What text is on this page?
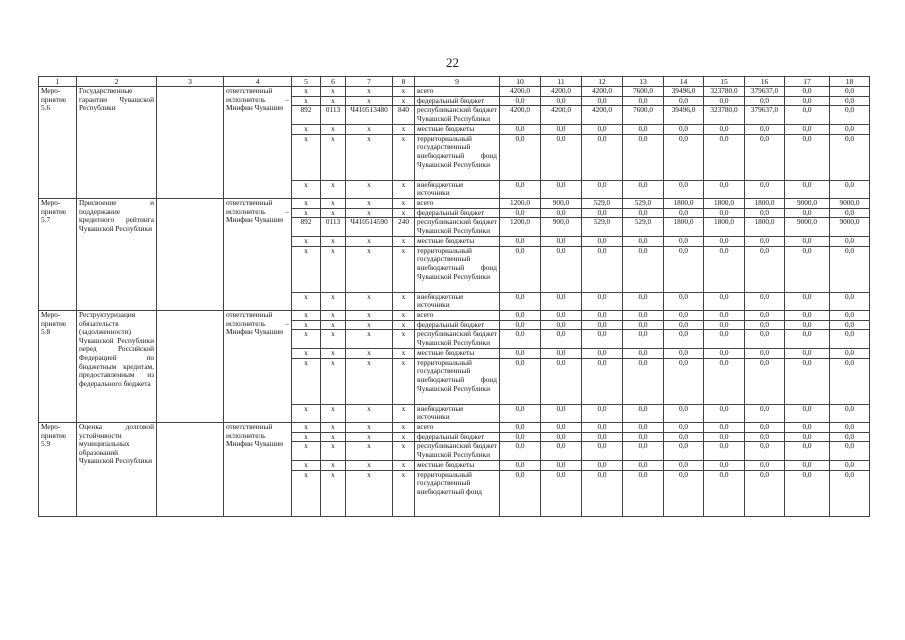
22
1	2	3	4	5	6	7	8	9	10	11	12	13	14	15	16	17	18
Меро-приятие 5.6	Государственные гарантии Чувашской Республики		ответственный исполнитель – Минфин Чувашии	x	x	x	x	всего	4200,0	4200,0	4200,0	7600,0	39496,0	323780,0	379637,0	0,0	0,0
				x	x	x	x	федеральный бюджет	0,0	0,0	0,0	0,0	0,0	0,0	0,0	0,0	0,0
				892	0113	Ч410513480	840	республиканский бюджет Чувашской Республики	4200,0	4200,0	4200,0	7600,0	39496,0	323780,0	379637,0	0,0	0,0
				x	x	x	x	местные бюджеты	0,0	0,0	0,0	0,0	0,0	0,0	0,0	0,0	0,0
				x	x	x	x	территориальный государственный внебюджетный фонд Чувашской Республики	0,0	0,0	0,0	0,0	0,0	0,0	0,0	0,0	0,0
				x	x	x	x	внебюджетные источники	0,0	0,0	0,0	0,0	0,0	0,0	0,0	0,0	0,0
Меро-приятие 5.7	Присвоение и поддержание кредитного рейтинга Чувашской Республики		ответственный исполнитель – Минфин Чувашии	x	x	x	x	всего	1200,0	900,0	529,0	529,0	1800,0	1800,0	1800,0	9000,0	9000,0
				x	x	x	x	федеральный бюджет	0,0	0,0	0,0	0,0	0,0	0,0	0,0	0,0	0,0
				892	0113	Ч410514590	240	республиканский бюджет Чувашской Республики	1200,0	900,0	529,0	529,0	1800,0	1800,0	1800,0	9000,0	9000,0
				x	x	x	x	местные бюджеты	0,0	0,0	0,0	0,0	0,0	0,0	0,0	0,0	0,0
				x	x	x	x	территориальный государственный внебюджетный фонд Чувашской Республики	0,0	0,0	0,0	0,0	0,0	0,0	0,0	0,0	0,0
				x	x	x	x	внебюджетные источники	0,0	0,0	0,0	0,0	0,0	0,0	0,0	0,0	0,0
Меро-приятие 5.8	Реструктуризация обязательств (задолженности) Чувашской Республики перед Российской Федерацией по бюджетным кредитам, предоставленным из федерального бюджета		ответственный исполнитель – Минфин Чувашии	x	x	x	x	всего	0,0	0,0	0,0	0,0	0,0	0,0	0,0	0,0	0,0
				x	x	x	x	федеральный бюджет	0,0	0,0	0,0	0,0	0,0	0,0	0,0	0,0	0,0
				x	x	x	x	республиканский бюджет Чувашской Республики	0,0	0,0	0,0	0,0	0,0	0,0	0,0	0,0	0,0
				x	x	x	x	местные бюджеты	0,0	0,0	0,0	0,0	0,0	0,0	0,0	0,0	0,0
				x	x	x	x	территориальный государственный внебюджетный фонд Чувашской Республики	0,0	0,0	0,0	0,0	0,0	0,0	0,0	0,0	0,0
				x	x	x	x	внебюджетные источники	0,0	0,0	0,0	0,0	0,0	0,0	0,0	0,0	0,0
Меро-приятие 5.9	Оценка долговой устойчивости муниципальных образований Чувашской Республики		ответственный исполнитель Минфин Чувашии	x	x	x	x	всего	0,0	0,0	0,0	0,0	0,0	0,0	0,0	0,0	0,0
				x	x	x	x	федеральный бюджет	0,0	0,0	0,0	0,0	0,0	0,0	0,0	0,0	0,0
				x	x	x	x	республиканский бюджет Чувашской Республики	0,0	0,0	0,0	0,0	0,0	0,0	0,0	0,0	0,0
				x	x	x	x	местные бюджеты	0,0	0,0	0,0	0,0	0,0	0,0	0,0	0,0	0,0
				x	x	x	x	территориальный государственный внебюджетный фонд	0,0	0,0	0,0	0,0	0,0	0,0	0,0	0,0	0,0
